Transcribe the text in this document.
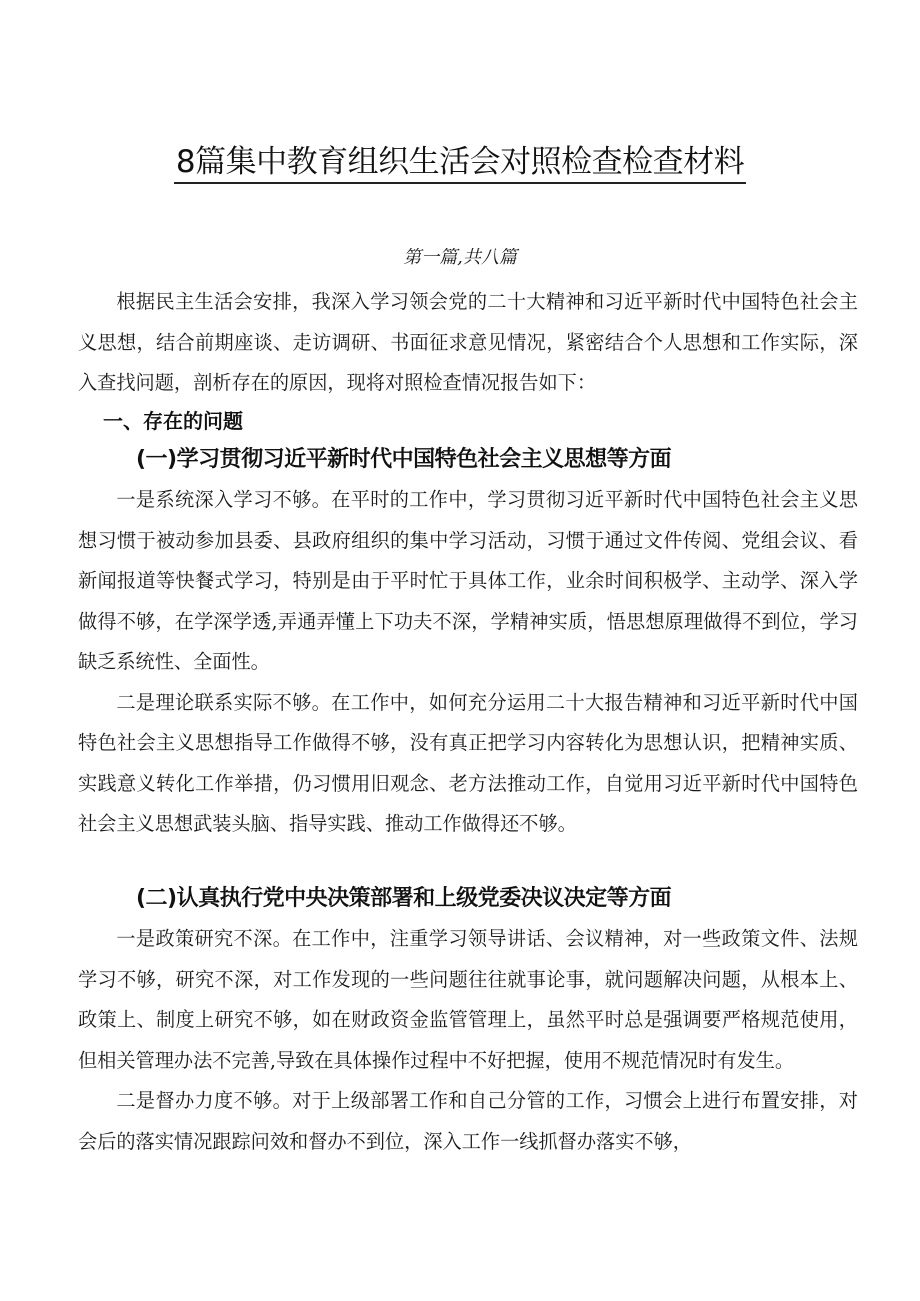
8篇集中教育组织生活会对照检查检查材料
第一篇,共八篇

根据民主生活会安排，我深入学习领会党的二十大精神和习近平新时代中国特色社会主义思想，结合前期座谈、走访调研、书面征求意见情况，紧密结合个人思想和工作实际，深入查找问题，剖析存在的原因，现将对照检查情况报告如下：

一、存在的问题
(一)学习贯彻习近平新时代中国特色社会主义思想等方面

一是系统深入学习不够。在平时的工作中，学习贯彻习近平新时代中国特色社会主义思想习惯于被动参加县委、县政府组织的集中学习活动，习惯于通过文件传阅、党组会议、看新闻报道等快餐式学习，特别是由于平时忙于具体工作，业余时间积极学、主动学、深入学做得不够，在学深学透,弄通弄懂上下功夫不深，学精神实质，悟思想原理做得不到位，学习缺乏系统性、全面性。

二是理论联系实际不够。在工作中，如何充分运用二十大报告精神和习近平新时代中国特色社会主义思想指导工作做得不够，没有真正把学习内容转化为思想认识，把精神实质、实践意义转化工作举措，仍习惯用旧观念、老方法推动工作，自觉用习近平新时代中国特色社会主义思想武装头脑、指导实践、推动工作做得还不够。

(二)认真执行党中央决策部署和上级党委决议决定等方面

一是政策研究不深。在工作中，注重学习领导讲话、会议精神，对一些政策文件、法规学习不够，研究不深，对工作发现的一些问题往往就事论事，就问题解决问题，从根本上、政策上、制度上研究不够，如在财政资金监管管理上，虽然平时总是强调要严格规范使用，但相关管理办法不完善,导致在具体操作过程中不好把握，使用不规范情况时有发生。

二是督办力度不够。对于上级部署工作和自己分管的工作，习惯会上进行布置安排，对会后的落实情况跟踪问效和督办不到位，深入工作一线抓督办落实不够，
